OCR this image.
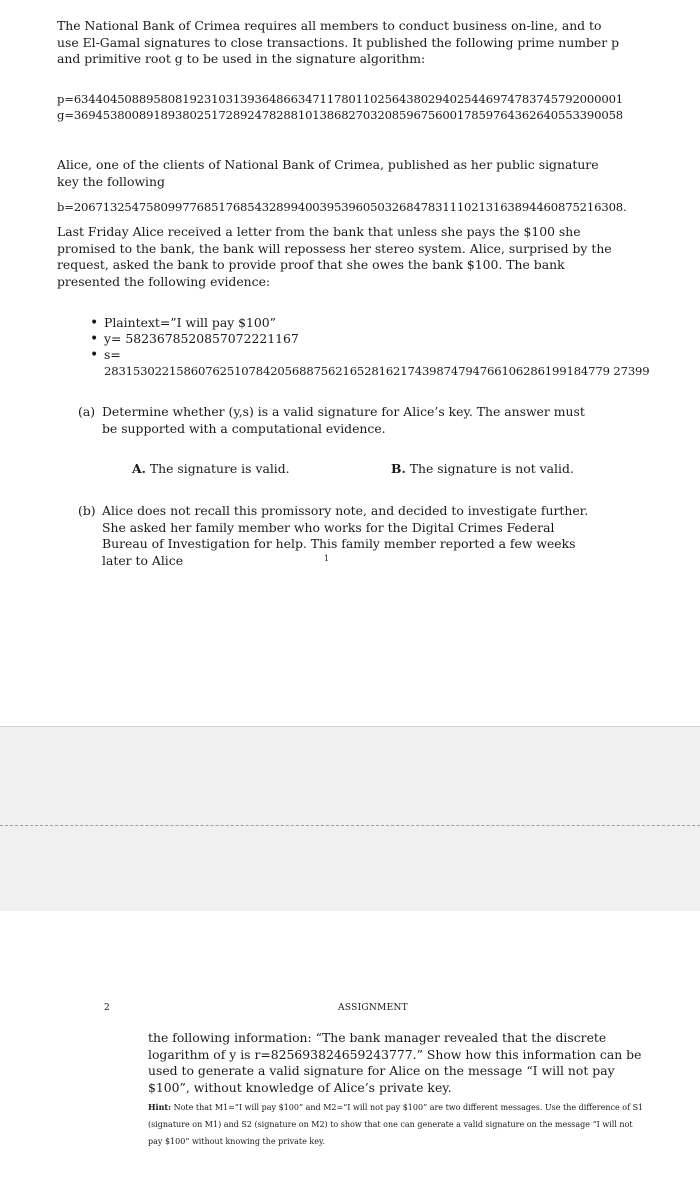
The National Bank of Crimea requires all members to conduct business on-line, and to use El-Gamal signatures to close transactions. It published the following prime number p and primitive root g to be used in the signature algorithm:
p=6344045088958081923103139364866347117801102564380294025446974783745792000001
g=3694538008918938025172892478288101386827032085967560017859764362640553390058
Alice, one of the clients of National Bank of Crimea, published as her public signature key the following
b=2067132547580997768517685432899400395396050326847831110213163894460875216308.
Last Friday Alice received a letter from the bank that unless she pays the $100 she promised to the bank, the bank will repossess her stereo system. Alice, surprised by the request, asked the bank to provide proof that she owes the bank $100. The bank presented the following evidence:
• Plaintext=”I will pay $100”
• y= 5823678520857072221167
• s=
2831530221586076251078420568875621652816217439874794766106286199184779 27399
(a) Determine whether (y,s) is a valid signature for Alice’s key. The answer must be supported with a computational evidence.
A. The signature is valid.	B. The signature is not valid.
(b) Alice does not recall this promissory note, and decided to investigate further. She asked her family member who works for the Digital Crimes Federal Bureau of Investigation for help. This family member reported a few weeks later to Alice	1
2	ASSIGNMENT
the following information: “The bank manager revealed that the discrete logarithm of y is r=825693824659243777.” Show how this information can be used to generate a valid signature for Alice on the message “I will not pay $100”, without knowledge of Alice’s private key.
Hint: Note that M1=“I will pay $100” and M2=“I will not pay $100” are two different messages. Use the difference of S1 (signature on M1) and S2 (signature on M2) to show that one can generate a valid signature on the message “I will not pay $100” without knowing the private key.
